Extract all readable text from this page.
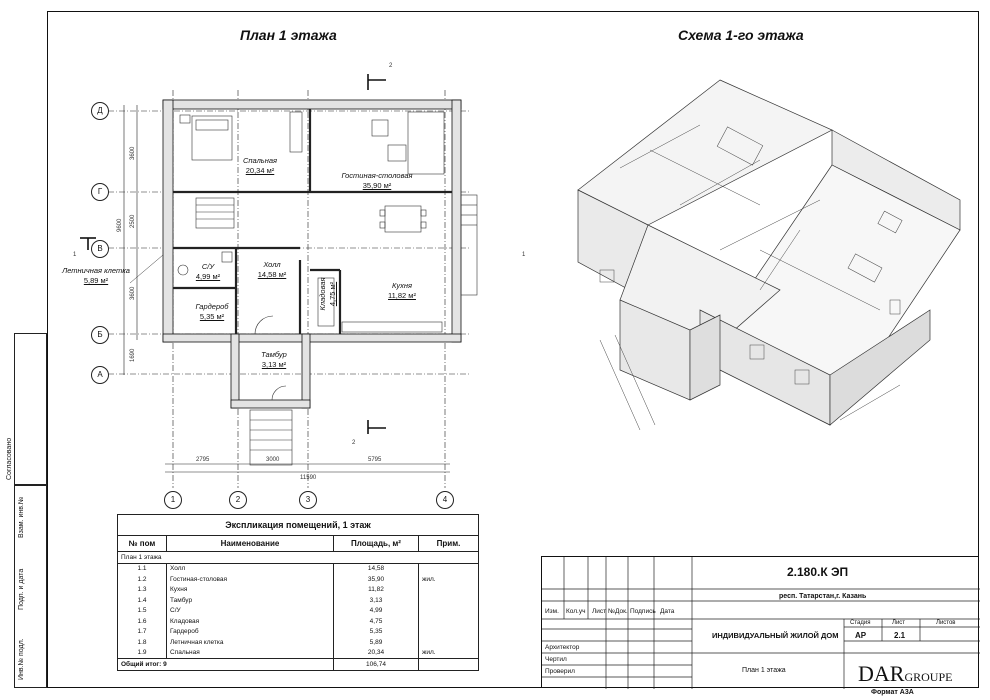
Согласовано
Взам. инв.№
Подп. и дата
Инв.№ подл.
План 1 этажа	Схема 1-го этажа
2
2
1	1
Д
Г
В
Б
А
1	2	3	4
2795	3000	5795
11590
3600
2500
3600
1690
9600
Спальная
20,34 м²
Гостиная-столовая
35,90 м²
С/У
4,99 м²
Холл
14,58 м²
Кухня
11,82 м²
Кладовая 4,75 м²
Гардероб
5,35 м²
Тамбур
3,13 м²
Летничная клетка
5,89 м²
Экспликация помещений, 1 этаж			
№ пом	Наименование	Площадь, м²	Прим.
План 1 этажа			
1.1	Холл	14,58	
1.2	Гостиная-столовая	35,90	жил.
1.3	Кухня	11,82	
1.4	Тамбур	3,13	
1.5	С/У	4,99	
1.6	Кладовая	4,75	
1.7	Гардероб	5,35	
1.8	Летничная клетка	5,89	
1.9	Спальная	20,34	жил.
Общий итог: 9		106,74	
2.180.К ЭП
респ. Татарстан,г. Казань
Изм. Кол.уч Лист №Док. Подпись Дата
Архитектор
Чертил
Проверил
ИНДИВИДУАЛЬНЫЙ ЖИЛОЙ ДОМ
Стадия	Лист	Листов
АР	2.1
План 1 этажа	DARGROUPE
Формат А3А
